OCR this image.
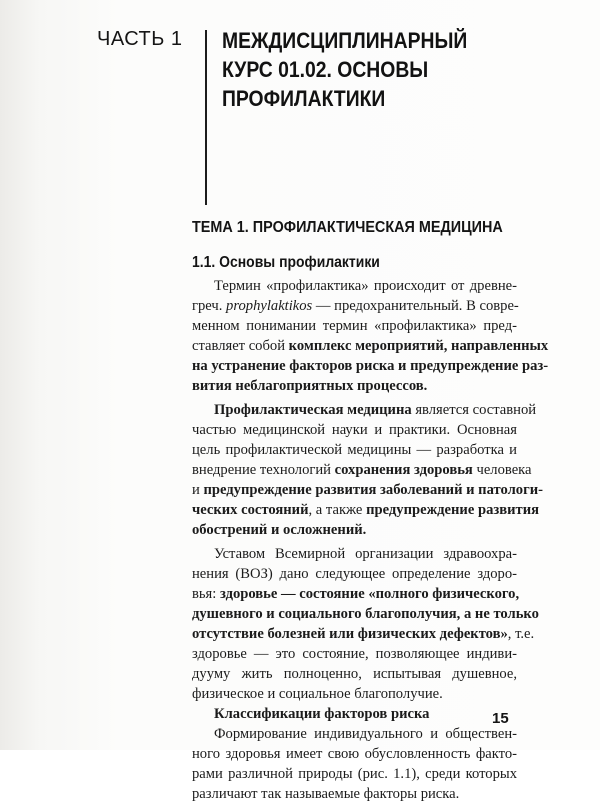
ЧАСТЬ 1 МЕЖДИСЦИПЛИНАРНЫЙ
КУРС 01.02. ОСНОВЫ
ПРОФИЛАКТИКИ
ТЕМА 1. ПРОФИЛАКТИЧЕСКАЯ МЕДИЦИНА
1.1. Основы профилактики
Термин «профилактика» происходит от древне-
греч. prophylaktikos — предохранительный. В совре-
менном понимании термин «профилактика» пред-
ставляет собой комплекс мероприятий, направленных
на устранение факторов риска и предупреждение раз-
вития неблагоприятных процессов.
Профилактическая медицина является составной
частью медицинской науки и практики. Основная
цель профилактической медицины — разработка и
внедрение технологий сохранения здоровья человека
и предупреждение развития заболеваний и патологи-
ческих состояний, а также предупреждение развития
обострений и осложнений.
Уставом Всемирной организации здравоохра-
нения (ВОЗ) дано следующее определение здоро-
вья: здоровье — состояние «полного физического,
душевного и социального благополучия, а не только
отсутствие болезней или физических дефектов», т.е.
здоровье — это состояние, позволяющее индиви-
дууму жить полноценно, испытывая душевное,
физическое и социальное благополучие.
Классификации факторов риска
Формирование индивидуального и обществен-
ного здоровья имеет свою обусловленность факто-
рами различной природы (рис. 1.1), среди которых
различают так называемые факторы риска.
15
